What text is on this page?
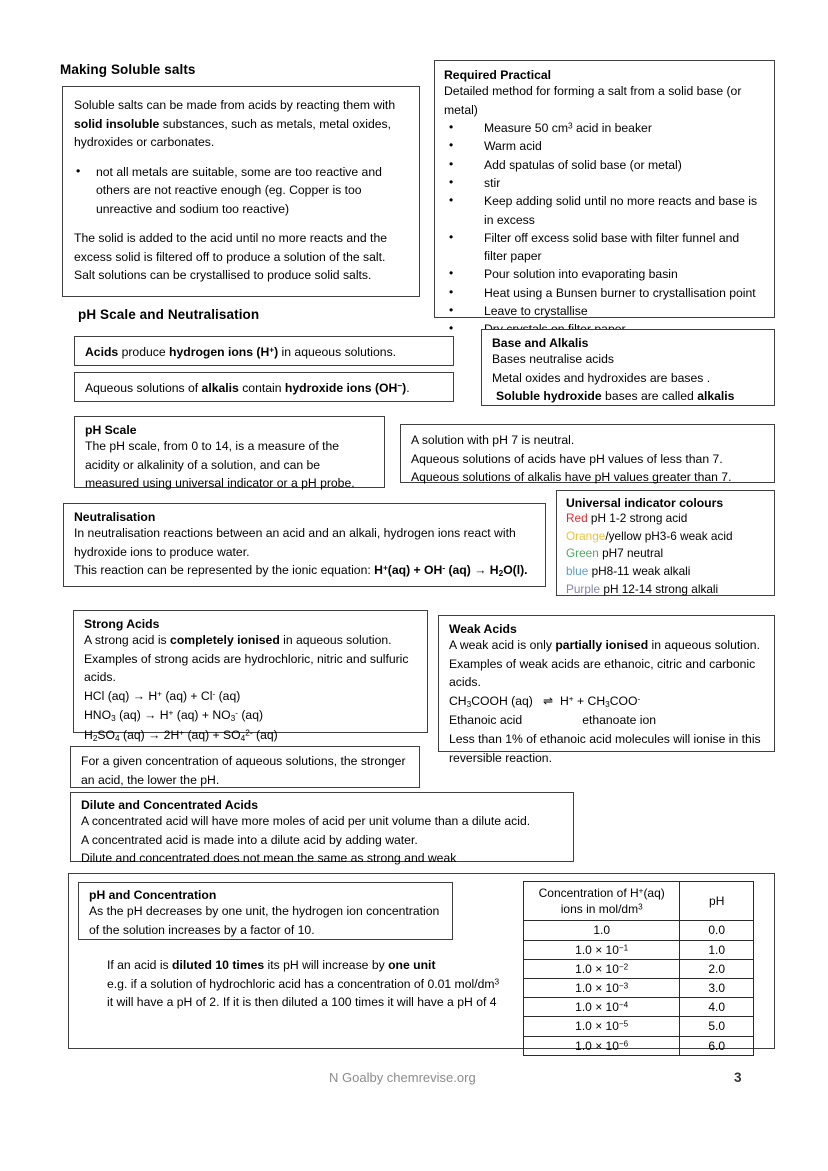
Making Soluble salts
Soluble salts can be made from acids by reacting them with solid insoluble substances, such as metals, metal oxides, hydroxides or carbonates.
• not all metals are suitable, some are too reactive and others are not reactive enough (eg. Copper is too unreactive and sodium too reactive)
The solid is added to the acid until no more reacts and the excess solid is filtered off to produce a solution of the salt. Salt solutions can be crystallised to produce solid salts.
Required Practical
Detailed method for forming a salt from a solid base (or metal)
• Measure 50 $cm^3$ acid in beaker
• Warm acid
• Add spatulas of solid base (or metal)
• stir
• Keep adding solid until no more reacts and base is in excess
• Filter off excess solid base with filter funnel and filter paper
• Pour solution into evaporating basin
• Heat using a Bunsen burner to crystallisation point
• Leave to crystallise
•
pH Scale and Neutralisation
Acids produce hydrogen ions (H+) in aqueous solutions.
Aqueous solutions of alkalis contain hydroxide ions (OH−).
pH Scale
The pH scale, from 0 to 14, is a measure of the acidity or alkalinity of a solution, and can be measured using universal indicator or a pH probe.
Base and Alkalis
Bases neutralise acids
Metal oxides and hydroxides are bases .
Soluble hydroxide bases are called alkalis
A solution with pH 7 is neutral.
Aqueous solutions of acids have pH values of less than 7.
Aqueous solutions of alkalis have pH values greater than 7.
Universal indicator colours
Red pH 1-2 strong acid
Orange/yellow pH3-6 weak acid
Green pH7 neutral
blue pH8-11 weak alkali
Purple pH 12-14 strong alkali
Neutralisation
In neutralisation reactions between an acid and an alkali, hydrogen ions react with hydroxide ions to produce water.
This reaction can be represented by the ionic equation: H+(aq) + OH- $(aq) \to H_2O(l)$.
Strong Acids
A strong acid is completely ionised in aqueous solution. Examples of strong acids are hydrochloric, nitric and sulfuric acids.
HCl (aq) → H+ (aq) + Cl- (aq)
$HNO_3$ (aq) → H+ $(aq) + NO_3^-$ (aq)
$H_2SO_4$ (aq) → 2H+ $(aq) + SO_4^{2-}$ (aq)
Weak Acids
A weak acid is only partially ionised in aqueous solution. Examples of weak acids are ethanoic, citric and carbonic acids.
$CH_3COOH$ (aq)   ⇌  $H^+ + CH_3COO^-$
Ethanoic acid	ethanoate ion
Less than 1% of ethanoic acid molecules will ionise in this reversible reaction.
For a given concentration of aqueous solutions, the stronger an acid, the lower the pH.
Dilute and Concentrated Acids
A concentrated acid will have more moles of acid per unit volume than a dilute acid.
A concentrated acid is made into a dilute acid by adding water.
Dilute and concentrated does not mean the same as strong and weak
pH and Concentration
As the pH decreases by one unit, the hydrogen ion concentration of the solution increases by a factor of 10.
If an acid is diluted 10 times its pH will increase by one unit
e.g. if a solution of hydrochloric acid has a concentration of 0.01 mol/$dm^3$ it will have a pH of 2. If it is then diluted a 100 times it will have a pH of 4
Concentration of H+(aq) ions in mol/$dm^3$	pH
1.0	0.0
$1.0 \times 10^{-1}$	1.0
$1.0 \times 10^{-2}$	2.0
$1.0 \times 10^{-3}$	3.0
$1.0 \times 10^{-4}$	4.0
$1.0 \times 10^{-5}$	5.0
$1.0 \times 10^{-6}$	6.0
N Goalby chemrevise.org	3
